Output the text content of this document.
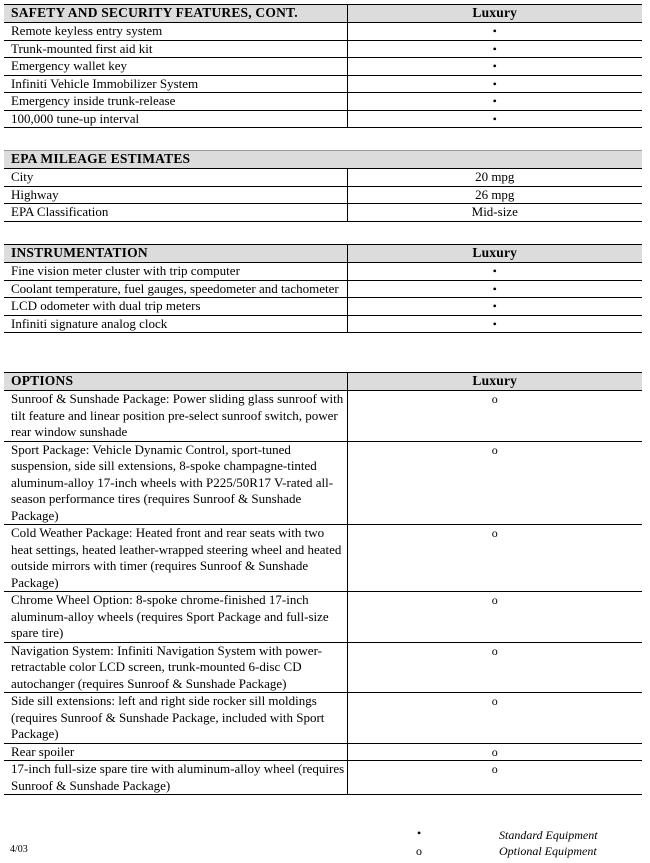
SAFETY AND SECURITY FEATURES, CONT.	Luxury
Remote keyless entry system	•
Trunk-mounted first aid kit	•
Emergency wallet key	•
Infiniti Vehicle Immobilizer System	•
Emergency inside trunk-release	•
100,000 tune-up interval	•
EPA MILEAGE ESTIMATES	
City	20 mpg
Highway	26 mpg
EPA Classification	Mid-size
INSTRUMENTATION	Luxury
Fine vision meter cluster with trip computer	•
Coolant temperature, fuel gauges, speedometer and tachometer	•
LCD odometer with dual trip meters	•
Infiniti signature analog clock	•
OPTIONS	Luxury
Sunroof & Sunshade Package: Power sliding glass sunroof with tilt feature and linear position pre-select sunroof switch, power rear window sunshade	o
Sport Package: Vehicle Dynamic Control, sport-tuned suspension, side sill extensions, 8-spoke champagne-tinted aluminum-alloy 17-inch wheels with P225/50R17 V-rated all-season performance tires (requires Sunroof & Sunshade Package)	o
Cold Weather Package: Heated front and rear seats with two heat settings, heated leather-wrapped steering wheel and heated outside mirrors with timer (requires Sunroof & Sunshade Package)	o
Chrome Wheel Option: 8-spoke chrome-finished 17-inch aluminum-alloy wheels (requires Sport Package and full-size spare tire)	o
Navigation System: Infiniti Navigation System with power-retractable color LCD screen, trunk-mounted 6-disc CD autochanger (requires Sunroof & Sunshade Package)	o
Side sill extensions: left and right side rocker sill moldings (requires Sunroof & Sunshade Package, included with Sport Package)	o
Rear spoiler	o
17-inch full-size spare tire with aluminum-alloy wheel (requires Sunroof & Sunshade Package)	o
4/03
•	Standard Equipment
o	Optional Equipment
